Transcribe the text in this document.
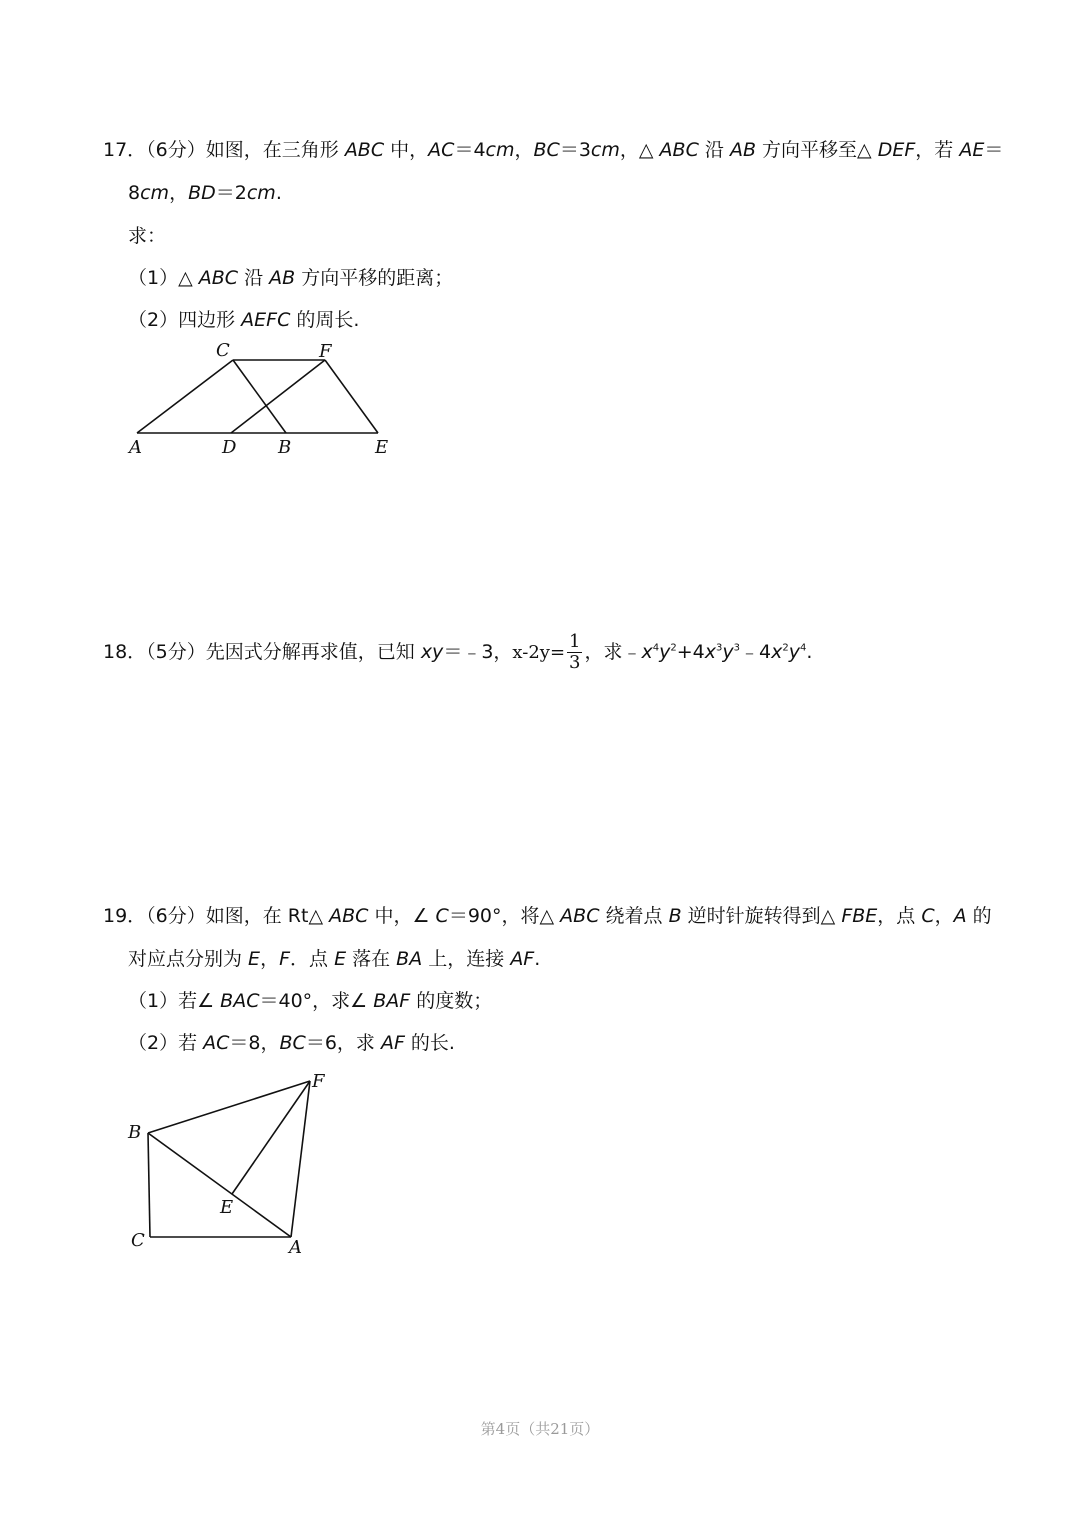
17．（6分）如图，在三角形 ABC 中，AC＝4cm，BC＝3cm，△ ABC 沿 AB 方向平移至△ DEF，若 AE＝
8cm，BD＝2cm.
求：
（1）△ ABC 沿 AB 方向平移的距离；
（2）四边形 AEFC 的周长.
C	F
A	D B	E
18．（5分）先因式分解再求值，已知 xy＝﹣3，$x-2y= \frac{1}{3}$ ，求$﹣x^4y^2+4x^3y^3﹣4x^2y^4$.
19．（6分）如图，在 Rt△ ABC 中，∠ C＝90°，将△ ABC 绕着点 B 逆时针旋转得到△ FBE，点 C，A 的
对应点分别为 E，F．点 E 落在 BA 上，连接 AF.
（1）若∠ BAC＝40°，求∠ BAF 的度数；
（2）若 AC＝8，BC＝6，求 AF 的长.
F
B
E
C	A
第4页（共21页）
